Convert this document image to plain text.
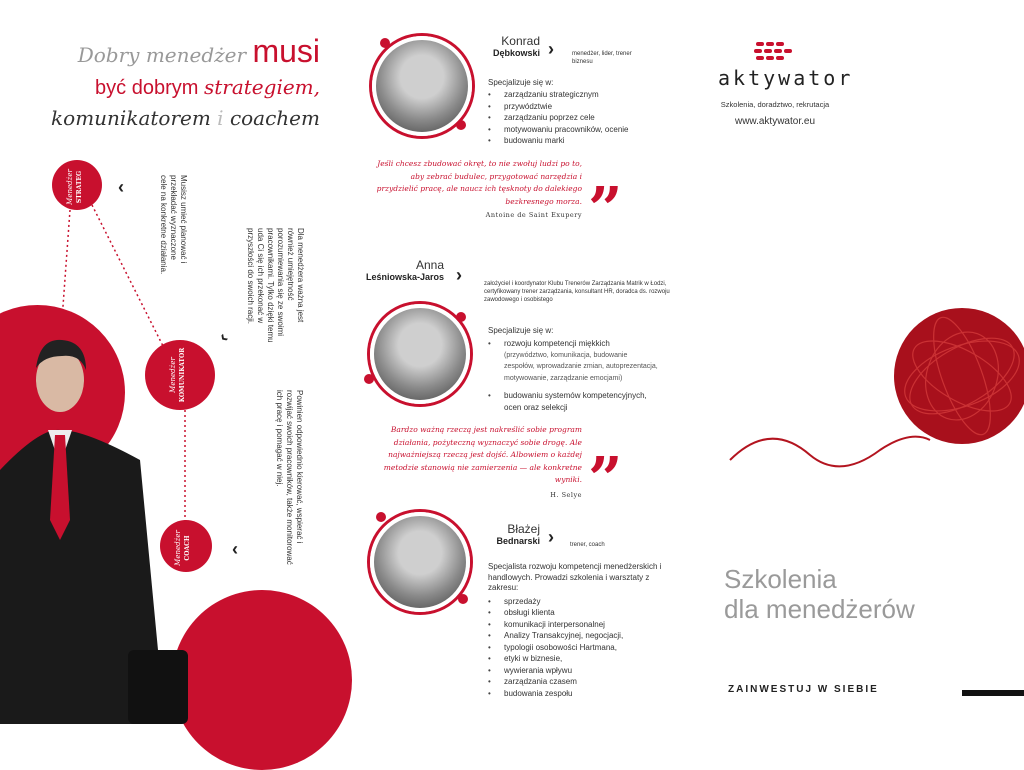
Dobry menedżer musi
być dobrym strategiem,
komunikatorem i coachem
Menedżer STRATEG ‹	Musisz umieć planować i przekładać wyznaczone cele na konkretne działania.
Menedżer KOMUNIKATOR
‹
Dla menedżera ważna jest również umiejętność porozumiewania się ze swoimi pracownikami. Tylko dzięki temu uda Ci się ich przekonać w przyszłości do swoich racji.
Menedżer COACH ‹
Powinien odpowiednio kierować, wspierać i rozwijać swoich pracowników, także monitorować ich pracę i pomagać w niej.
Konrad
Dębkowski ›	menedżer, lider, trener biznesu
Specjalizuje się w:
• zarządzaniu strategicznym
• przywództwie
• zarządzaniu poprzez cele
• motywowaniu pracowników, ocenie
• budowaniu marki
Jeśli chcesz zbudować okręt, to nie zwołuj ludzi po to, aby zebrać budulec, przygotować narzędzia i przydzielić pracę, ale naucz ich tęsknoty do dalekiego bezkresnego morza.
Antoine de Saint Exupery ”
Anna
Leśniowska-Jaros ›	założyciel i koordynator Klubu Trenerów Zarządzania Matrik w Łodzi, certyfikowany trener zarządzania, konsultant HR, doradca ds. rozwoju zawodowego i osobistego
Specjalizuje się w:
• rozwoju kompetencji miękkich
(przywództwo, komunikacja, budowanie zespołów, wprowadzanie zmian, autoprezentacja, motywowanie, zarządzanie emocjami)
• budowaniu systemów kompetencyjnych, ocen oraz selekcji
Bardzo ważną rzeczą jest nakreślić sobie program działania, pożyteczną wyznaczyć sobie drogę. Ale najważniejszą rzeczą jest dojść. Albowiem o każdej metodzie stanowią nie zamierzenia — ale konkretne wyniki.
H. Selye ”
Błażej
Bednarski ›	trener, coach
Specjalista rozwoju kompetencji menedżerskich i handlowych. Prowadzi szkolenia i warsztaty z zakresu:
• sprzedaży
• obsługi klienta
• komunikacji interpersonalnej
• Analizy Transakcyjnej, negocjacji,
• typologii osobowości Hartmana,
• etyki w biznesie,
• wywierania wpływu
• zarządzania czasem
• budowania zespołu
aktywator
Szkolenia, doradztwo, rekrutacja
www.aktywator.eu
Szkolenia
dla menedżerów
ZAINWESTUJ W SIEBIE
